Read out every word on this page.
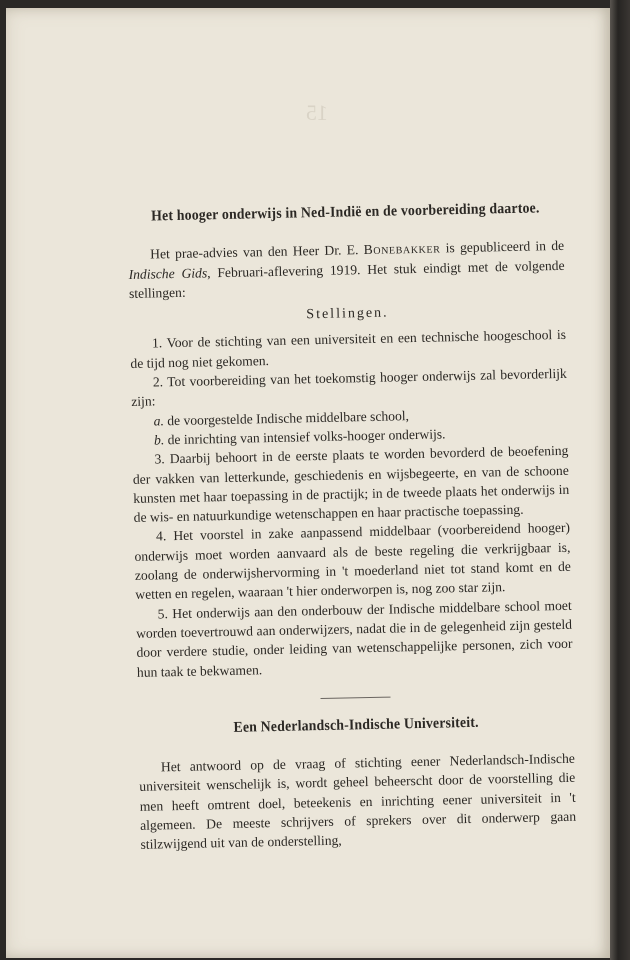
15
Het hooger onderwijs in Ned-Indië en de voorbereiding daartoe.

Het prae-advies van den Heer Dr. E. Bonebakker is gepubliceerd in de Indische Gids, Februari-aflevering 1919. Het stuk eindigt met de volgende stellingen:

Stellingen.

1. Voor de stichting van een universiteit en een technische hoogeschool is de tijd nog niet gekomen.

2. Tot voorbereiding van het toekomstig hooger onderwijs zal bevorderlijk zijn:

a. de voorgestelde Indische middelbare school,

b. de inrichting van intensief volks-hooger onderwijs.

3. Daarbij behoort in de eerste plaats te worden bevorderd de beoefening der vakken van letterkunde, geschiedenis en wijsbegeerte, en van de schoone kunsten met haar toepassing in de practijk; in de tweede plaats het onderwijs in de wis- en natuurkundige wetenschappen en haar practische toepassing.

4. Het voorstel in zake aanpassend middelbaar (voorbereidend hooger) onderwijs moet worden aanvaard als de beste regeling die verkrijgbaar is, zoolang de onderwijshervorming in 't moederland niet tot stand komt en de wetten en regelen, waaraan 't hier onderworpen is, nog zoo star zijn.

5. Het onderwijs aan den onderbouw der Indische middelbare school moet worden toevertrouwd aan onderwijzers, nadat die in de gelegenheid zijn gesteld door verdere studie, onder leiding van wetenschappelijke personen, zich voor hun taak te bekwamen.

Een Nederlandsch-Indische Universiteit.

Het antwoord op de vraag of stichting eener Nederlandsch-Indische universiteit wenschelijk is, wordt geheel beheerscht door de voorstelling die men heeft omtrent doel, beteekenis en inrichting eener universiteit in 't algemeen. De meeste schrijvers of sprekers over dit onderwerp gaan stilzwijgend uit van de onderstelling,
